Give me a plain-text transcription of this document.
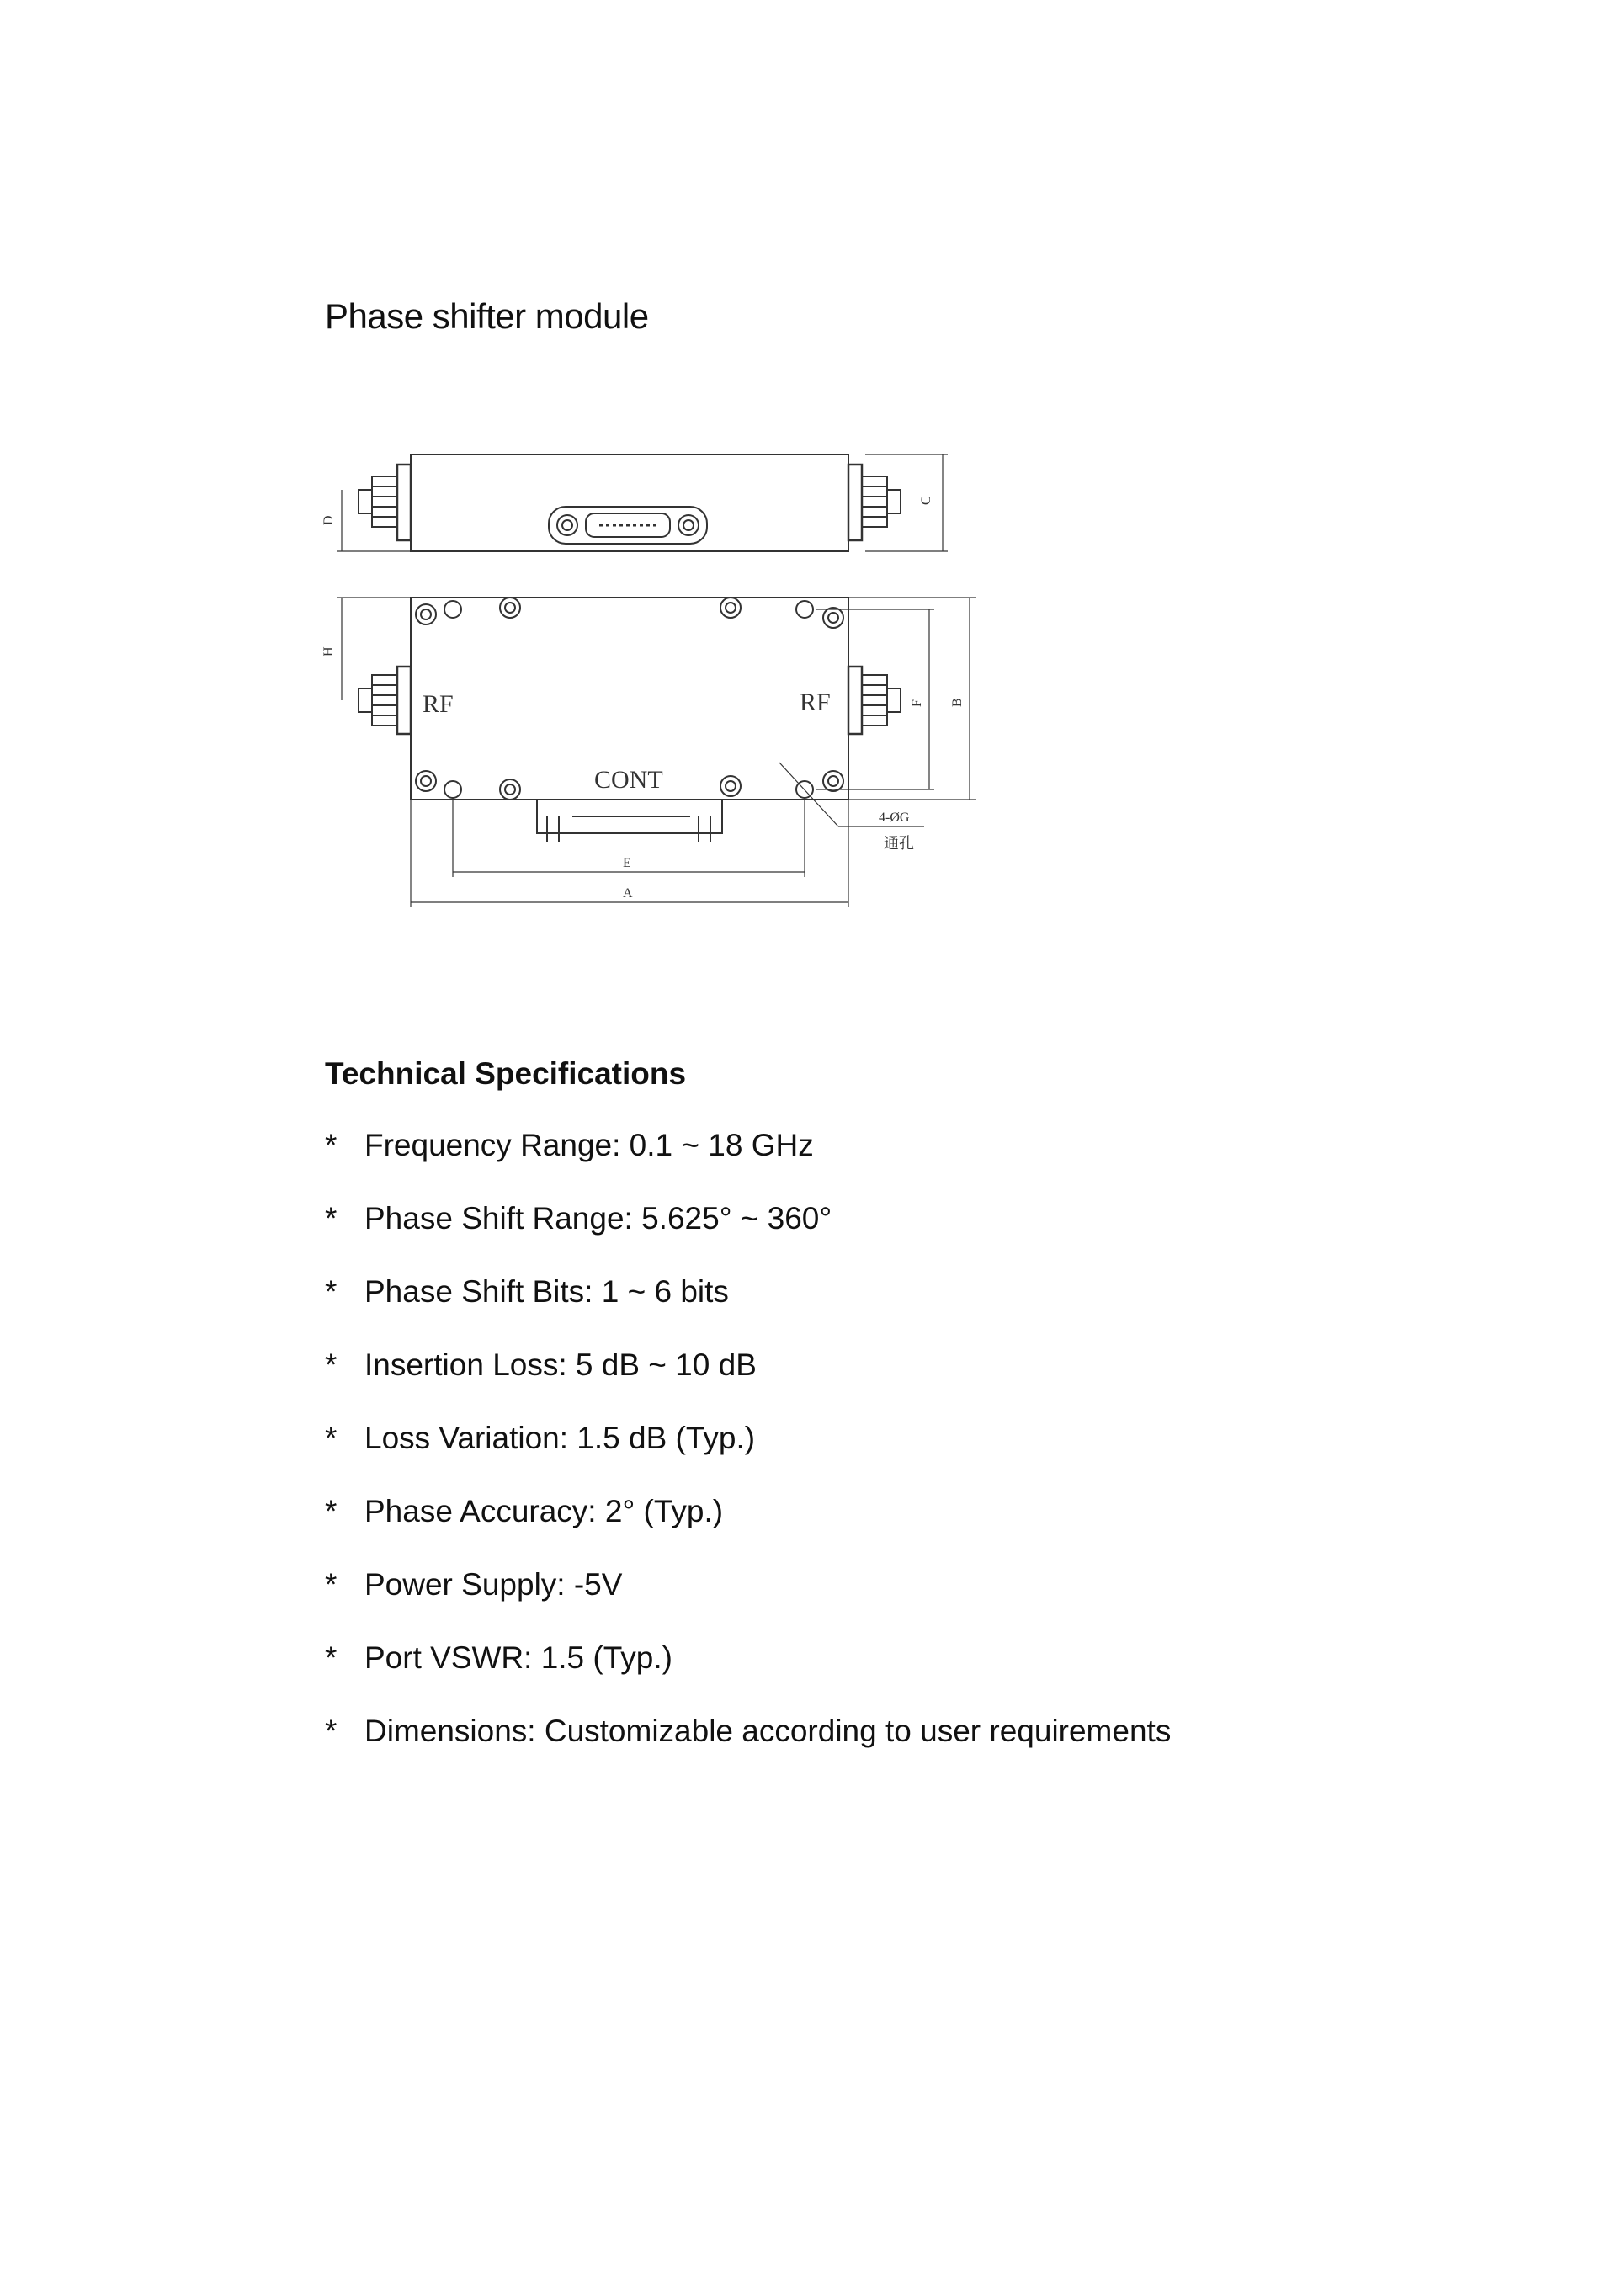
Phase shifter module
C
D
RF	RF
CONT
H
F B
E
A
4-ØG
通孔
Technical Specifications
* Frequency Range: 0.1 ~ 18 GHz
* Phase Shift Range: 5.625° ~ 360°
* Phase Shift Bits: 1 ~ 6 bits
* Insertion Loss: 5 dB ~ 10 dB
* Loss Variation: 1.5 dB (Typ.)
* Phase Accuracy: 2° (Typ.)
* Power Supply: -5V
* Port VSWR: 1.5 (Typ.)
* Dimensions: Customizable according to user requirements
